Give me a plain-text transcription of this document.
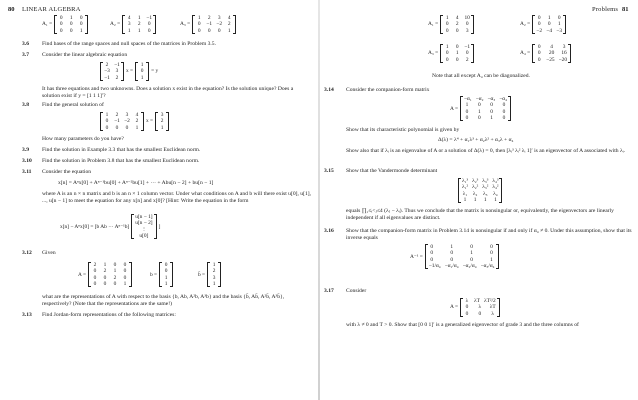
80 LINEAR ALGEBRA
A₁ =
0	1	0
0	0	0
0	0	1
A₂ =
4	1	−1
3	2	0
1	1	0
A₃ =
1	2	3	4
0	−1 −2	2
0	0	0	1
3.6 Find bases of the range spaces and null spaces of the matrices in Problem 3.5.
3.7 Consider the linear algebraic equation
2	−1
−3	3
−1	2
x =
1
0
1
= y
It has three equations and two unknowns. Does a solution x exist in the equation? Is the solution unique? Does a solution exist if y = [1 1 1]′?
3.8 Find the general solution of
1	2	3	4
0	−1 −2	2
0	0	0	1
x =
3
2
1
How many parameters do you have?
3.9 Find the solution in Example 3.3 that has the smallest Euclidean norm.
3.10 Find the solution in Problem 3.8 that has the smallest Euclidean norm.
3.11 Consider the equation
x[n] = Aⁿx[0] + Aⁿ⁻¹bu[0] + Aⁿ⁻²bu[1] + ··· + Abu[n − 2] + bu[n − 1]
where A is an n × n matrix and b is an n × 1 column vector. Under what conditions on A and b will there exist u[0], u[1], ..., u[n − 1] to meet the equation for any x[n] and x[0]? [Hint: Write the equation in the form
x[n] − Aⁿx[0] = [b Ab ··· Aⁿ⁻¹b]
u[n − 1]
u[n − 2]
⋮
u[0]
]
3.12 Given
A =
2	1	0	0
0	2	1	0
0	0	2	0
0	0	0	1
b =
0
0
1
1
b̄ =
1
2
3
1
what are the representations of A with respect to the basis {b, Ab, A²b, A³b} and the basis {b̄, Ab̄, A²b̄, A³b̄}, respectively? (Note that the representations are the same!)
3.13 Find Jordan-form representations of the following matrices:
Problems 81
A₁ =
1	4	10
0	2	0
0	0	3
A₂ =
0	1	0
0	0	1
−2 −4 −3
A₃ =
1	0	−1
0	1	0
0	0	2
A₄ =
0	4	3
0	20 16
0	−25 −20
Note that all except A₄ can be diagonalized.
3.14 Consider the companion-form matrix
A =
−α₁ −α₂ −α₃ −α₄
1	0	0	0
0	1	0	0
0	0	1	0
Show that its characteristic polynomial is given by
Δ(λ) = λ⁴ + α₁λ³ + α₂λ² + α₃λ + α₄
Show also that if λᵢ is an eigenvalue of A or a solution of Δ(λ) = 0, then [λᵢ³ λᵢ² λᵢ 1]′ is an eigenvector of A associated with λᵢ.
3.15 Show that the Vandermonde determinant
λ₁³ λ₂³ λ₃³ λ₄³
λ₁² λ₂² λ₃² λ₄²
λ₁ λ₂ λ₃ λ₄
1	1	1	1
equals ∏₁≤ᵢ<ⱼ≤4 (λⱼ − λᵢ). Thus we conclude that the matrix is nonsingular or, equivalently, the eigenvectors are linearly independent if all eigenvalues are distinct.
3.16 Show that the companion-form matrix in Problem 3.14 is nonsingular if and only if α₄ ≠ 0. Under this assumption, show that its inverse equals
A⁻¹ =
0	1	0	0
0	0	1	0
0	0	0	1
−1/α₄ −α₁/α₄ −α₂/α₄ −α₃/α₄
3.17 Consider
A =
λ	λT λT²/2
0	λ	λT
0	0	λ
with λ ≠ 0 and T > 0. Show that [0 0 1]′ is a generalized eigenvector of grade 3 and the three columns of
